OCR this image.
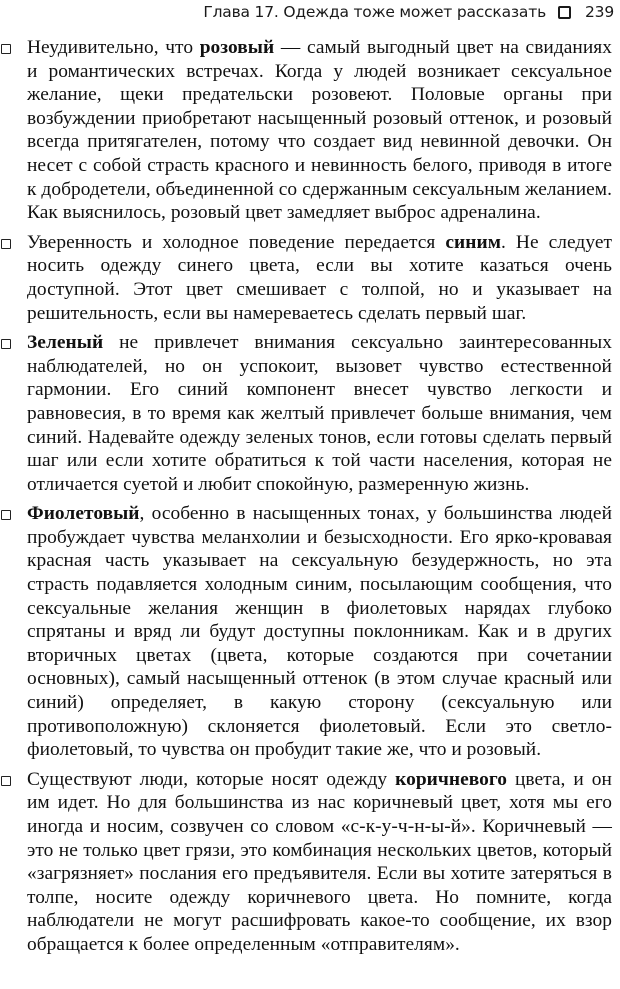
Глава 17. Одежда тоже может рассказать	239

Неудивительно, что розовый — самый выгодный цвет на свиданиях и романтических встречах. Когда у людей возникает сексуальное желание, щеки предательски розовеют. Половые органы при возбуждении приобретают насыщенный розовый оттенок, и розовый всегда притягателен, потому что создает вид невинной девочки. Он несет с собой страсть красного и невинность белого, приводя в итоге к добродетели, объединенной со сдержанным сексуальным желанием. Как выяснилось, розовый цвет замедляет выброс адреналина.

Уверенность и холодное поведение передается синим. Не следует носить одежду синего цвета, если вы хотите казаться очень доступной. Этот цвет смешивает с толпой, но и указывает на решительность, если вы намереваетесь сделать первый шаг.

Зеленый не привлечет внимания сексуально заинтересованных наблюдателей, но он успокоит, вызовет чувство естественной гармонии. Его синий компонент внесет чувство легкости и равновесия, в то время как желтый привлечет больше внимания, чем синий. Надевайте одежду зеленых тонов, если готовы сделать первый шаг или если хотите обратиться к той части населения, которая не отличается суетой и любит спокойную, размеренную жизнь.

Фиолетовый, особенно в насыщенных тонах, у большинства людей пробуждает чувства меланхолии и безысходности. Его ярко-кровавая красная часть указывает на сексуальную безудержность, но эта страсть подавляется холодным синим, посылающим сообщения, что сексуальные желания женщин в фиолетовых нарядах глубоко спрятаны и вряд ли будут доступны поклонникам. Как и в других вторичных цветах (цвета, которые создаются при сочетании основных), самый насыщенный оттенок (в этом случае красный или синий) определяет, в какую сторону (сексуальную или противоположную) склоняется фиолетовый. Если это светло-фиолетовый, то чувства он пробудит такие же, что и розовый.

Существуют люди, которые носят одежду коричневого цвета, и он им идет. Но для большинства из нас коричневый цвет, хотя мы его иногда и носим, созвучен со словом «с-к-у-ч-н-ы-й». Коричневый — это не только цвет грязи, это комбинация нескольких цветов, который «загрязняет» послания его предъявителя. Если вы хотите затеряться в толпе, носите одежду коричневого цвета. Но помните, когда наблюдатели не могут расшифровать какое-то сообщение, их взор обращается к более определенным «отправителям».
